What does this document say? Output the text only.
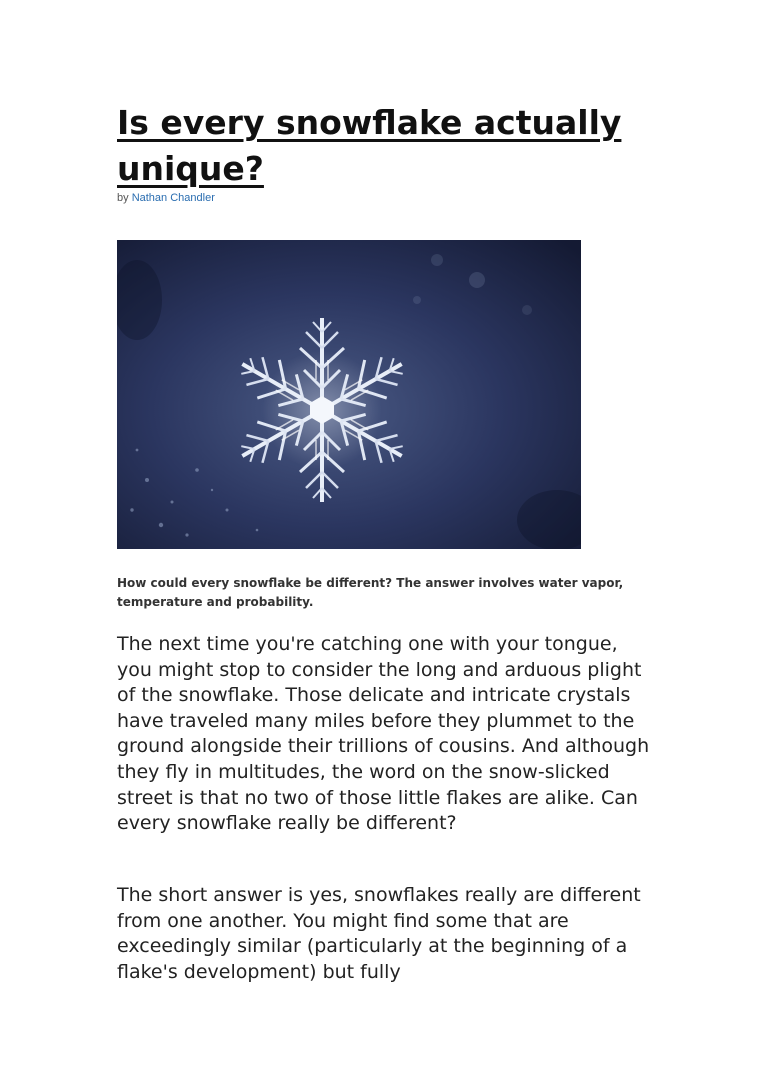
Is every snowflake actually unique?
by Nathan Chandler

How could every snowflake be different? The answer involves water vapor, temperature and probability.

The next time you're catching one with your tongue, you might stop to consider the long and arduous plight of the snowflake. Those delicate and intricate crystals have traveled many miles before they plummet to the ground alongside their trillions of cousins. And although they fly in multitudes, the word on the snow-slicked street is that no two of those little flakes are alike. Can every snowflake really be different?

The short answer is yes, snowflakes really are different from one another. You might find some that are exceedingly similar (particularly at the beginning of a flake's development) but fully
